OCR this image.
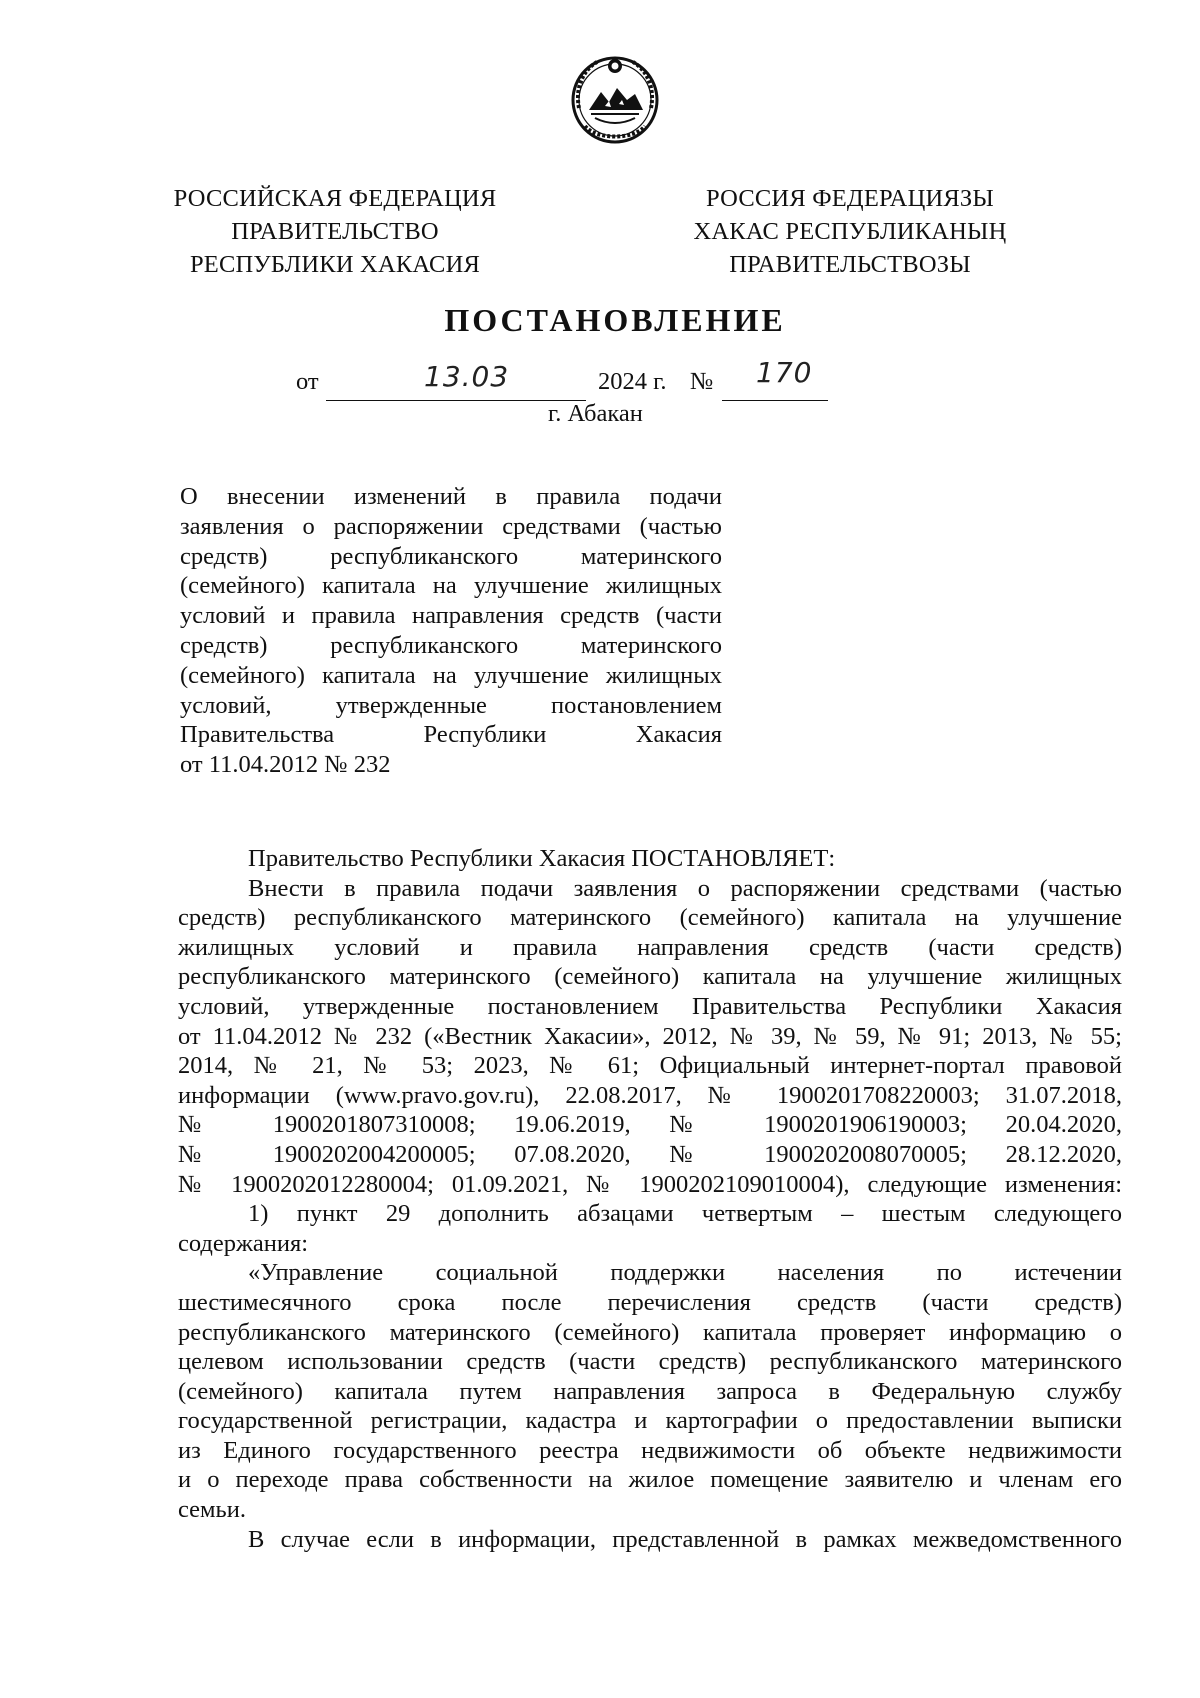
РОССИЙСКАЯ ФЕДЕРАЦИЯ
ПРАВИТЕЛЬСТВО
РЕСПУБЛИКИ ХАКАСИЯ
РОССИЯ ФЕДЕРАЦИЯЗЫ
ХАКАС РЕСПУБЛИКАНЫҢ
ПРАВИТЕЛЬСТВОЗЫ
ПОСТАНОВЛЕНИЕ
от	13.03	2024 г. № 170
г. Абакан
О внесении изменений в правила подачи
заявления о распоряжении средствами (частью
средств) республиканского материнского
(семейного) капитала на улучшение жилищных
условий и правила направления средств (части
средств) республиканского материнского
(семейного) капитала на улучшение жилищных
условий, утвержденные постановлением
Правительства Республики Хакасия
от 11.04.2012 № 232
Правительство Республики Хакасия ПОСТАНОВЛЯЕТ:
Внести в правила подачи заявления о распоряжении средствами (частью
средств) республиканского материнского (семейного) капитала на улучшение
жилищных условий и правила направления средств (части средств)
республиканского материнского (семейного) капитала на улучшение жилищных
условий, утвержденные постановлением Правительства Республики Хакасия
от 11.04.2012 № 232 («Вестник Хакасии», 2012, № 39, № 59, № 91; 2013, № 55;
2014, № 21, № 53; 2023, № 61; Официальный интернет-портал правовой
информации (www.pravo.gov.ru), 22.08.2017, № 1900201708220003; 31.07.2018,
№ 1900201807310008; 19.06.2019, № 1900201906190003; 20.04.2020,
№ 1900202004200005; 07.08.2020, № 1900202008070005; 28.12.2020,
№ 1900202012280004; 01.09.2021, № 1900202109010004), следующие изменения:
1) пункт 29 дополнить абзацами четвертым – шестым следующего
содержания:
«Управление социальной поддержки населения по истечении
шестимесячного срока после перечисления средств (части средств)
республиканского материнского (семейного) капитала проверяет информацию о
целевом использовании средств (части средств) республиканского материнского
(семейного) капитала путем направления запроса в Федеральную службу
государственной регистрации, кадастра и картографии о предоставлении выписки
из Единого государственного реестра недвижимости об объекте недвижимости
и о переходе права собственности на жилое помещение заявителю и членам его
семьи.
В случае если в информации, представленной в рамках межведомственного
